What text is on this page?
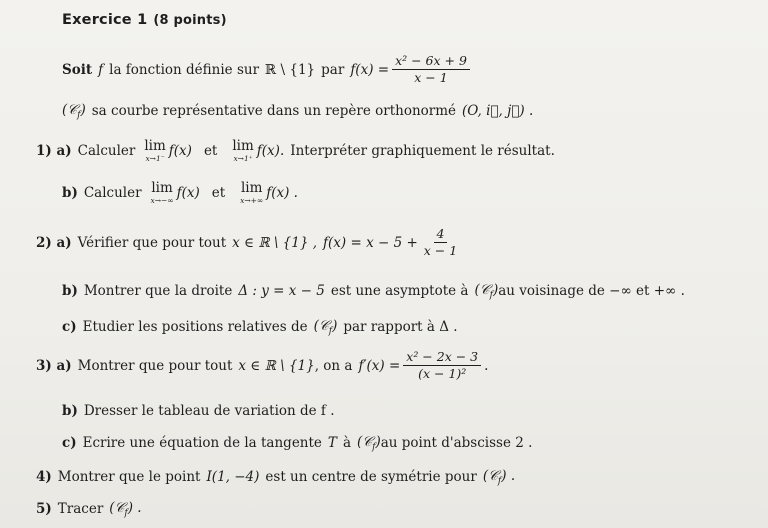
Exercice 1 (8 points)
Soit f la fonction définie sur ℝ \ {1} par $f(x) = \frac{\text{x² − 6x + 9}}{x - 1}$
(𝒞$_f$) sa courbe représentative dans un repère orthonormé (O, i⃗, j⃗) .
1) a) Calculer lim
x→1⁻ f(x) et lim
x→1⁺ f(x). Interpréter graphiquement le résultat.
b) Calculer lim
x→−∞ f(x) et lim
x→+∞ f(x) .
2) a) Vérifier que pour tout x ∈ ℝ \ {1} , $f(x) = x - 5 + \frac{4}{x - 1}$
b) Montrer que la droite Δ : y = x − 5 est une asymptote à (𝒞$_f$) au voisinage de −∞ et +∞ .
c) Etudier les positions relatives de (𝒞$_f$) par rapport à Δ .
3) a) Montrer que pour tout x ∈ ℝ \ {1} , on a $f'(x) = \frac{\text{x² − 2x − 3}}{\text{(x − 1)²}}$ .
b) Dresser le tableau de variation de f .
c) Ecrire une équation de la tangente T à (𝒞$_f$) au point d'abscisse 2 .
4) Montrer que le point I(1, −4) est un centre de symétrie pour (𝒞$_f$) .
5) Tracer (𝒞$_f$) .
